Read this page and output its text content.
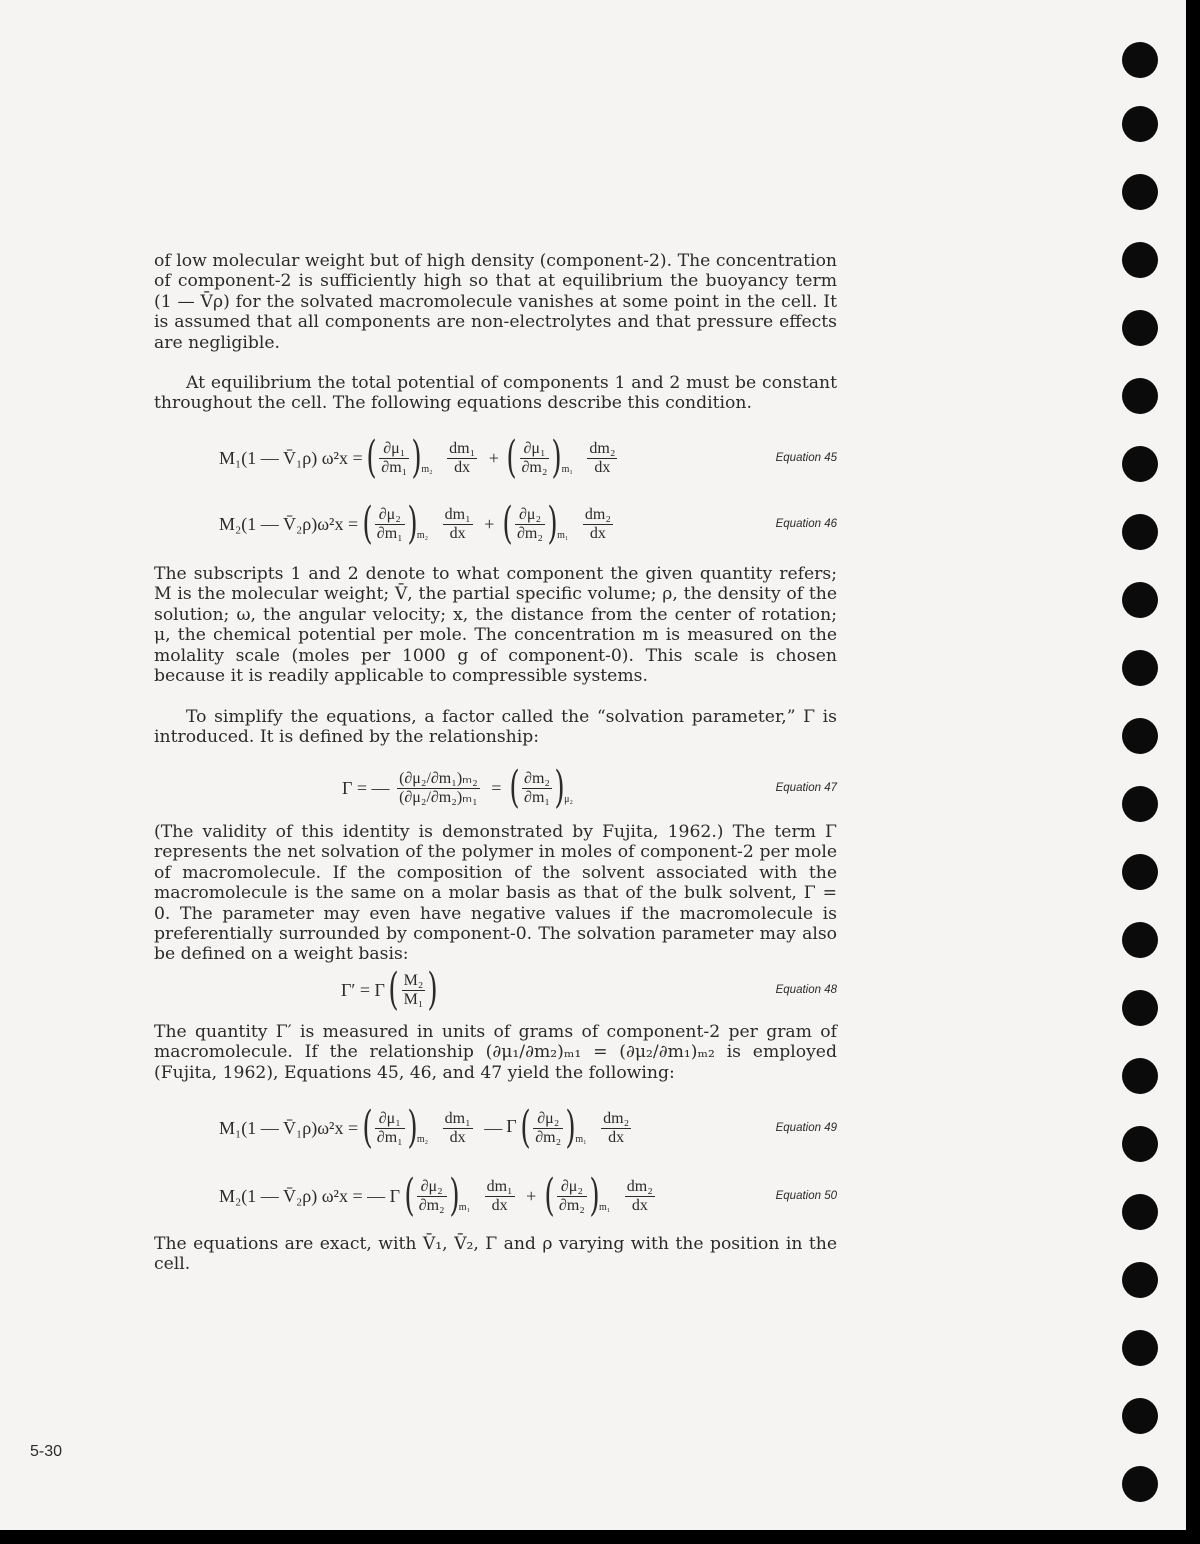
of low molecular weight but of high density (component-2). The concentration of component-2 is sufficiently high so that at equilibrium the buoyancy term (1 — V̄ρ) for the solvated macromolecule vanishes at some point in the cell. It is assumed that all components are non-electrolytes and that pressure effects are negligible.

At equilibrium the total potential of components 1 and 2 must be constant throughout the cell. The following equations describe this condition.

M₁(1 — V̄₁ρ) ω²x = ( $\frac{\text{∂μ₁}}{\text{∂m₁}} )_{m_2} \frac{\text{dm₁}}{dx}$ + ( $\frac{\text{∂μ₁}}{\text{∂m₂}} )_{m_1} \frac{\text{dm₂}}{dx}$	Equation 45
M₂(1 — V̄₂ρ)ω²x = ( $\frac{\text{∂μ₂}}{\text{∂m₁}} )_{m_2} \frac{\text{dm₁}}{dx}$ + ( $\frac{\text{∂μ₂}}{\text{∂m₂}} )_{m_1} \frac{\text{dm₂}}{dx}$	Equation 46

The subscripts 1 and 2 denote to what component the given quantity refers; M is the molecular weight; V̄, the partial specific volume; ρ, the density of the solution; ω, the angular velocity; x, the distance from the center of rotation; μ, the chemical potential per mole. The concentration m is measured on the molality scale (moles per 1000 g of component-0). This scale is chosen because it is readily applicable to compressible systems.

To simplify the equations, a factor called the “solvation parameter,” Γ is introduced. It is defined by the relationship:

Γ = — $\frac{\text{(∂μ₂/∂m₁)ₘ₂}}{\text{(∂μ₂/∂m₂)ₘ₁}}$ = ( $\frac{\text{∂m₂}}{\text{∂m₁}} )_{\mu_2}$
Equation 47

(The validity of this identity is demonstrated by Fujita, 1962.) The term Γ represents the net solvation of the polymer in moles of component-2 per mole of macromolecule. If the composition of the solvent associated with the macromolecule is the same on a molar basis as that of the bulk solvent, Γ = 0. The parameter may even have negative values if the macromolecule is preferentially surrounded by component-0. The solvation parameter may also be defined on a weight basis:

Γ′ = Γ ( $\frac{\text{M₂}}{\text{M₁}}$ )	Equation 48

The quantity Γ′ is measured in units of grams of component-2 per gram of macromolecule. If the relationship (∂μ₁/∂m₂)ₘ₁ = (∂μ₂/∂m₁)ₘ₂ is employed (Fujita, 1962), Equations 45, 46, and 47 yield the following:

M₁(1 — V̄₁ρ)ω²x = ( $\frac{\text{∂μ₁}}{\text{∂m₁}} )_{m_2} \frac{\text{dm₁}}{dx}$ — Γ ( $\frac{\text{∂μ₂}}{\text{∂m₂}} )_{m_1} \frac{\text{dm₂}}{dx}$	Equation 49
M₂(1 — V̄₂ρ) ω²x = — Γ ( $\frac{\text{∂μ₂}}{\text{∂m₂}} )_{m_1} \frac{\text{dm₁}}{dx}$ + ( $\frac{\text{∂μ₂}}{\text{∂m₂}} )_{m_1} \frac{\text{dm₂}}{dx}$	Equation 50

The equations are exact, with V̄₁, V̄₂, Γ and ρ varying with the position in the cell.

5-30
